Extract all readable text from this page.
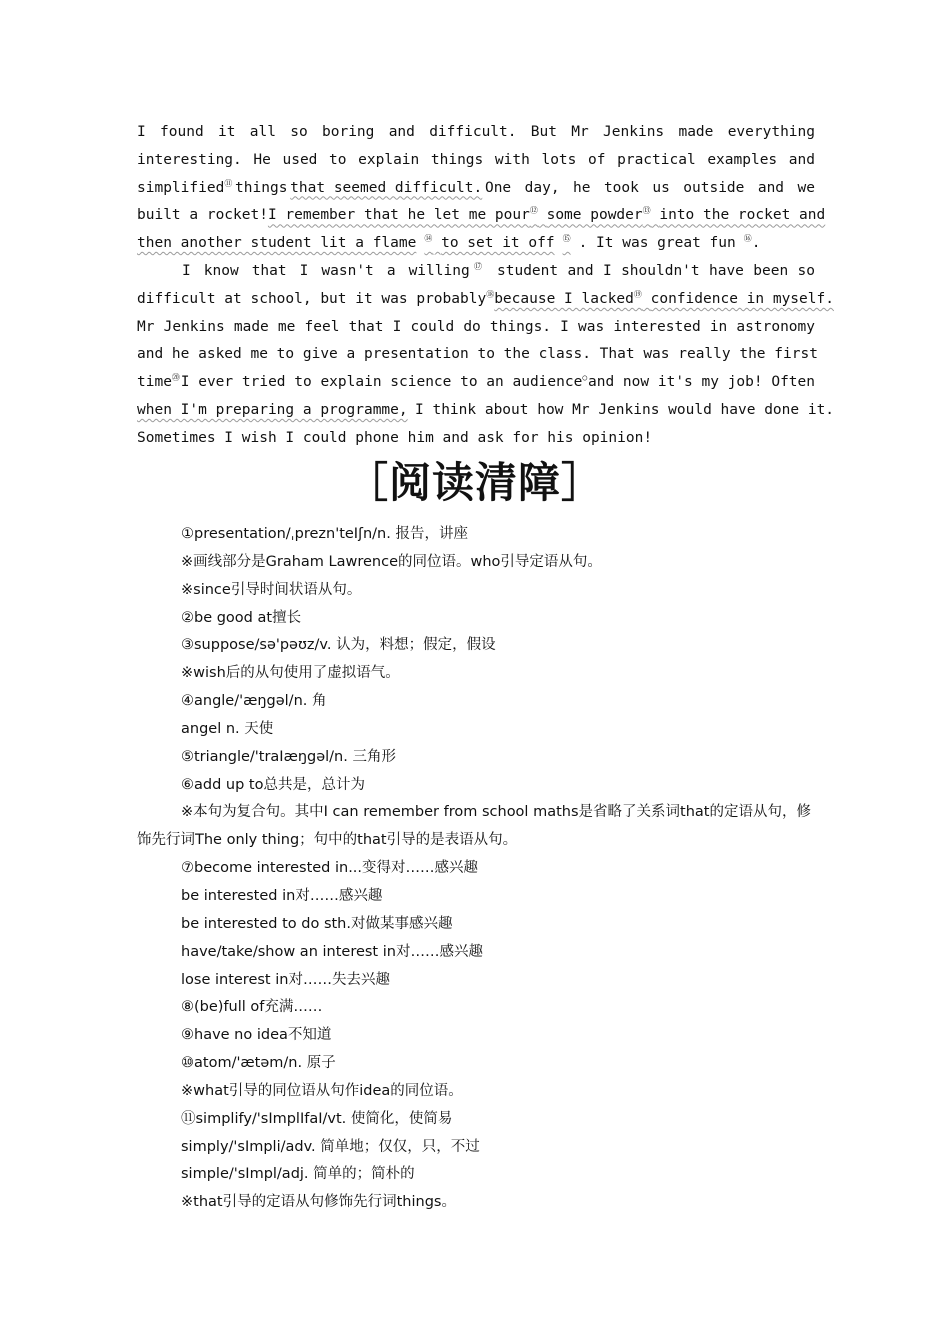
I found it all so boring and difficult. But Mr Jenkins made everything
interesting. He used to explain things with lots of practical examples and
simplified⑪ things that seemed difficult. One day, he took us outside and we
built a rocket! I remember that he let me pour⑫ some powder⑬ into the rocket and
then another student lit a flame ⑭ to set it off ⑮ . It was great fun ⑯.
I know that I wasn't a willing⑰ student and I shouldn't have been so
difficult at school, but it was probably⑱ because I lacked⑲ confidence in myself.
Mr Jenkins made me feel that I could do things. I was interested in astronomy
and he asked me to give a presentation to the class. That was really the first
time⑳ I ever tried to explain science to an audience○ and now it's my job! Often
when I'm preparing a programme, I think about how Mr Jenkins would have done it.
Sometimes I wish I could phone him and ask for his opinion!
［阅读清障］
①presentation/ˌprezn'teIʃn/n. 报告，讲座
※画线部分是Graham Lawrence的同位语。who引导定语从句。
※since引导时间状语从句。
②be good at擅长
③suppose/sə'pəʊz/v. 认为，料想；假定，假设
※wish后的从句使用了虚拟语气。
④angle/'æŋgəl/n. 角
angel n. 天使
⑤triangle/'traIæŋgəl/n. 三角形
⑥add up to总共是，总计为
※本句为复合句。其中I can remember from school maths是省略了关系词that的定语从句，修饰先行词The only thing；句中的that引导的是表语从句。
⑦become interested in...变得对……感兴趣
be interested in对……感兴趣
be interested to do sth.对做某事感兴趣
have/take/show an interest in对……感兴趣
lose interest in对……失去兴趣
⑧(be)full of充满……
⑨have no idea不知道
⑩atom/'ætəm/n. 原子
※what引导的同位语从句作idea的同位语。
⑪simplify/'sImplIfaI/vt. 使简化，使简易
simply/'sImpli/adv. 简单地；仅仅，只，不过
simple/'sImpl/adj. 简单的；简朴的
※that引导的定语从句修饰先行词things。
